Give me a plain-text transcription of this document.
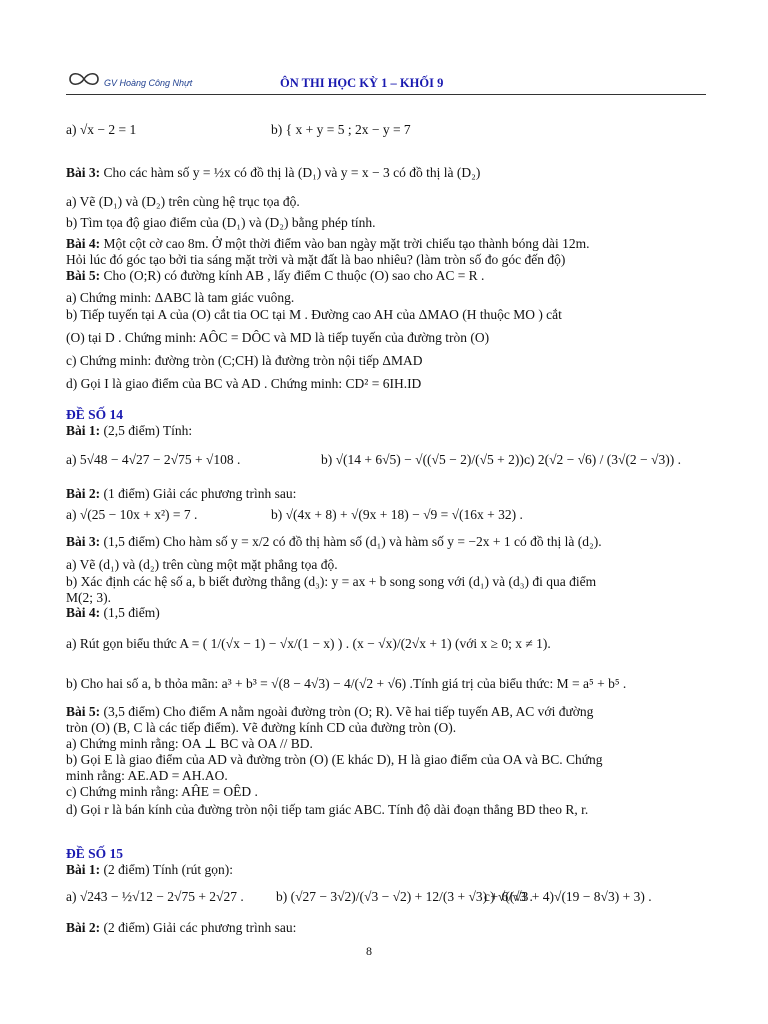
GV Hoàng Công Nhựt	ÔN THI HỌC KỲ 1 – KHỐI 9
a) √x − 2 = 1	b) { x + y = 5 ; 2x − y = 7
Bài 3: Cho các hàm số y = ½x có đồ thị là (D₁) và y = x − 3 có đồ thị là (D₂)
a) Vẽ (D₁) và (D₂) trên cùng hệ trục tọa độ.
b) Tìm tọa độ giao điểm của (D₁) và (D₂) bằng phép tính.
Bài 4: Một cột cờ cao 8m. Ở một thời điểm vào ban ngày mặt trời chiếu tạo thành bóng dài 12m.
Hỏi lúc đó góc tạo bởi tia sáng mặt trời và mặt đất là bao nhiêu? (làm tròn số đo góc đến độ)
Bài 5: Cho (O;R) có đường kính AB , lấy điểm C thuộc (O) sao cho AC = R .
a) Chứng minh: ΔABC là tam giác vuông.
b) Tiếp tuyến tại A của (O) cắt tia OC tại M . Đường cao AH của ΔMAO (H thuộc MO ) cắt
(O) tại D . Chứng minh: AÔC = DÔC và MD là tiếp tuyến của đường tròn (O)
c) Chứng minh: đường tròn (C;CH) là đường tròn nội tiếp ΔMAD
d) Gọi I là giao điểm của BC và AD . Chứng minh: CD² = 6IH.ID
ĐỀ SỐ 14
Bài 1: (2,5 điểm) Tính:
a) 5√48 − 4√27 − 2√75 + √108 .	b) √(14 + 6√5) − √((√5 − 2)/(√5 + 2)) .
c) 2(√2 − √6) / (3√(2 − √3)) .
Bài 2: (1 điểm) Giải các phương trình sau:
a) √(25 − 10x + x²) = 7 .	b) √(4x + 8) + √(9x + 18) − √9 = √(16x + 32) .
Bài 3: (1,5 điểm) Cho hàm số y = x/2 có đồ thị hàm số (d₁) và hàm số y = −2x + 1 có đồ thị là (d₂).
a) Vẽ (d₁) và (d₂) trên cùng một mặt phẳng tọa độ.
b) Xác định các hệ số a, b biết đường thẳng (d₃): y = ax + b song song với (d₁) và (d₃) đi qua điểm
M(2; 3).
Bài 4: (1,5 điểm)
a) Rút gọn biểu thức A = ( 1/(√x − 1) − √x/(1 − x) ) . (x − √x)/(2√x + 1) (với x ≥ 0; x ≠ 1).
b) Cho hai số a, b thỏa mãn: a³ + b³ = √(8 − 4√3) − 4/(√2 + √6) .Tính giá trị của biểu thức: M = a⁵ + b⁵ .
Bài 5: (3,5 điểm) Cho điểm A nằm ngoài đường tròn (O; R). Vẽ hai tiếp tuyến AB, AC với đường
tròn (O) (B, C là các tiếp điểm). Vẽ đường kính CD của đường tròn (O).
a) Chứng minh rằng: OA ⊥ BC và OA // BD.
b) Gọi E là giao điểm của AD và đường tròn (O) (E khác D), H là giao điểm của OA và BC. Chứng
minh rằng: AE.AD = AH.AO.
c) Chứng minh rằng: AĤE = OÊD .
d) Gọi r là bán kính của đường tròn nội tiếp tam giác ABC. Tính độ dài đoạn thẳng BD theo R, r.
ĐỀ SỐ 15
Bài 1: (2 điểm) Tính (rút gọn):
a) √243 − ½√12 − 2√75 + 2√27 . b) (√27 − 3√2)/(√3 − √2) + 12/(3 + √3) + 6/√3 .
c) √((√3 + 4)√(19 − 8√3) + 3) .
Bài 2: (2 điểm) Giải các phương trình sau:
8
